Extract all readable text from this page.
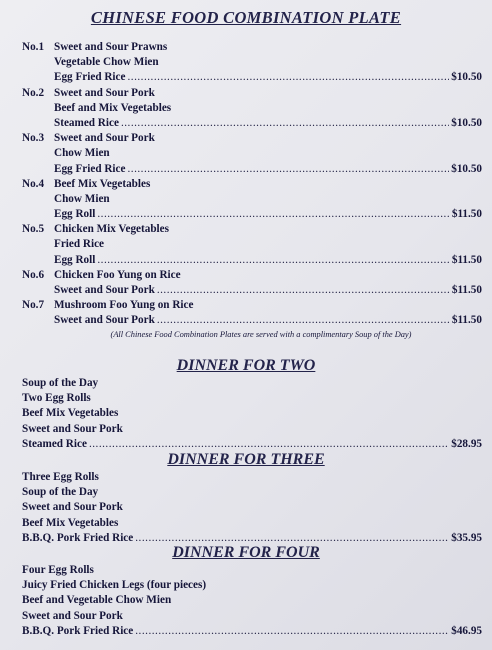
CHINESE FOOD COMBINATION PLATE
No.1 Sweet and Sour Prawns
Vegetable Chow Mien
Egg Fried Rice .....	$10.50
No.2 Sweet and Sour Pork
Beef and Mix Vegetables
Steamed Rice .....	$10.50
No.3 Sweet and Sour Pork
Chow Mien
Egg Fried Rice .....	$10.50
No.4 Beef Mix Vegetables
Chow Mien
Egg Roll .....	$11.50
No.5 Chicken Mix Vegetables
Fried Rice
Egg Roll .....	$11.50
No.6 Chicken Foo Yung on Rice
Sweet and Sour Pork .....	$11.50
No.7 Mushroom Foo Yung on Rice
Sweet and Sour Pork .....	$11.50
(All Chinese Food Combination Plates are served with a complimentary Soup of the Day)
DINNER FOR TWO
Soup of the Day
Two Egg Rolls
Beef Mix Vegetables
Sweet and Sour Pork
Steamed Rice .....	$28.95
DINNER FOR THREE
Three Egg Rolls
Soup of the Day
Sweet and Sour Pork
Beef Mix Vegetables
B.B.Q. Pork Fried Rice .....	$35.95
DINNER FOR FOUR
Four Egg Rolls
Juicy Fried Chicken Legs (four pieces)
Beef and Vegetable Chow Mien
Sweet and Sour Pork
B.B.Q. Pork Fried Rice .....	$46.95
